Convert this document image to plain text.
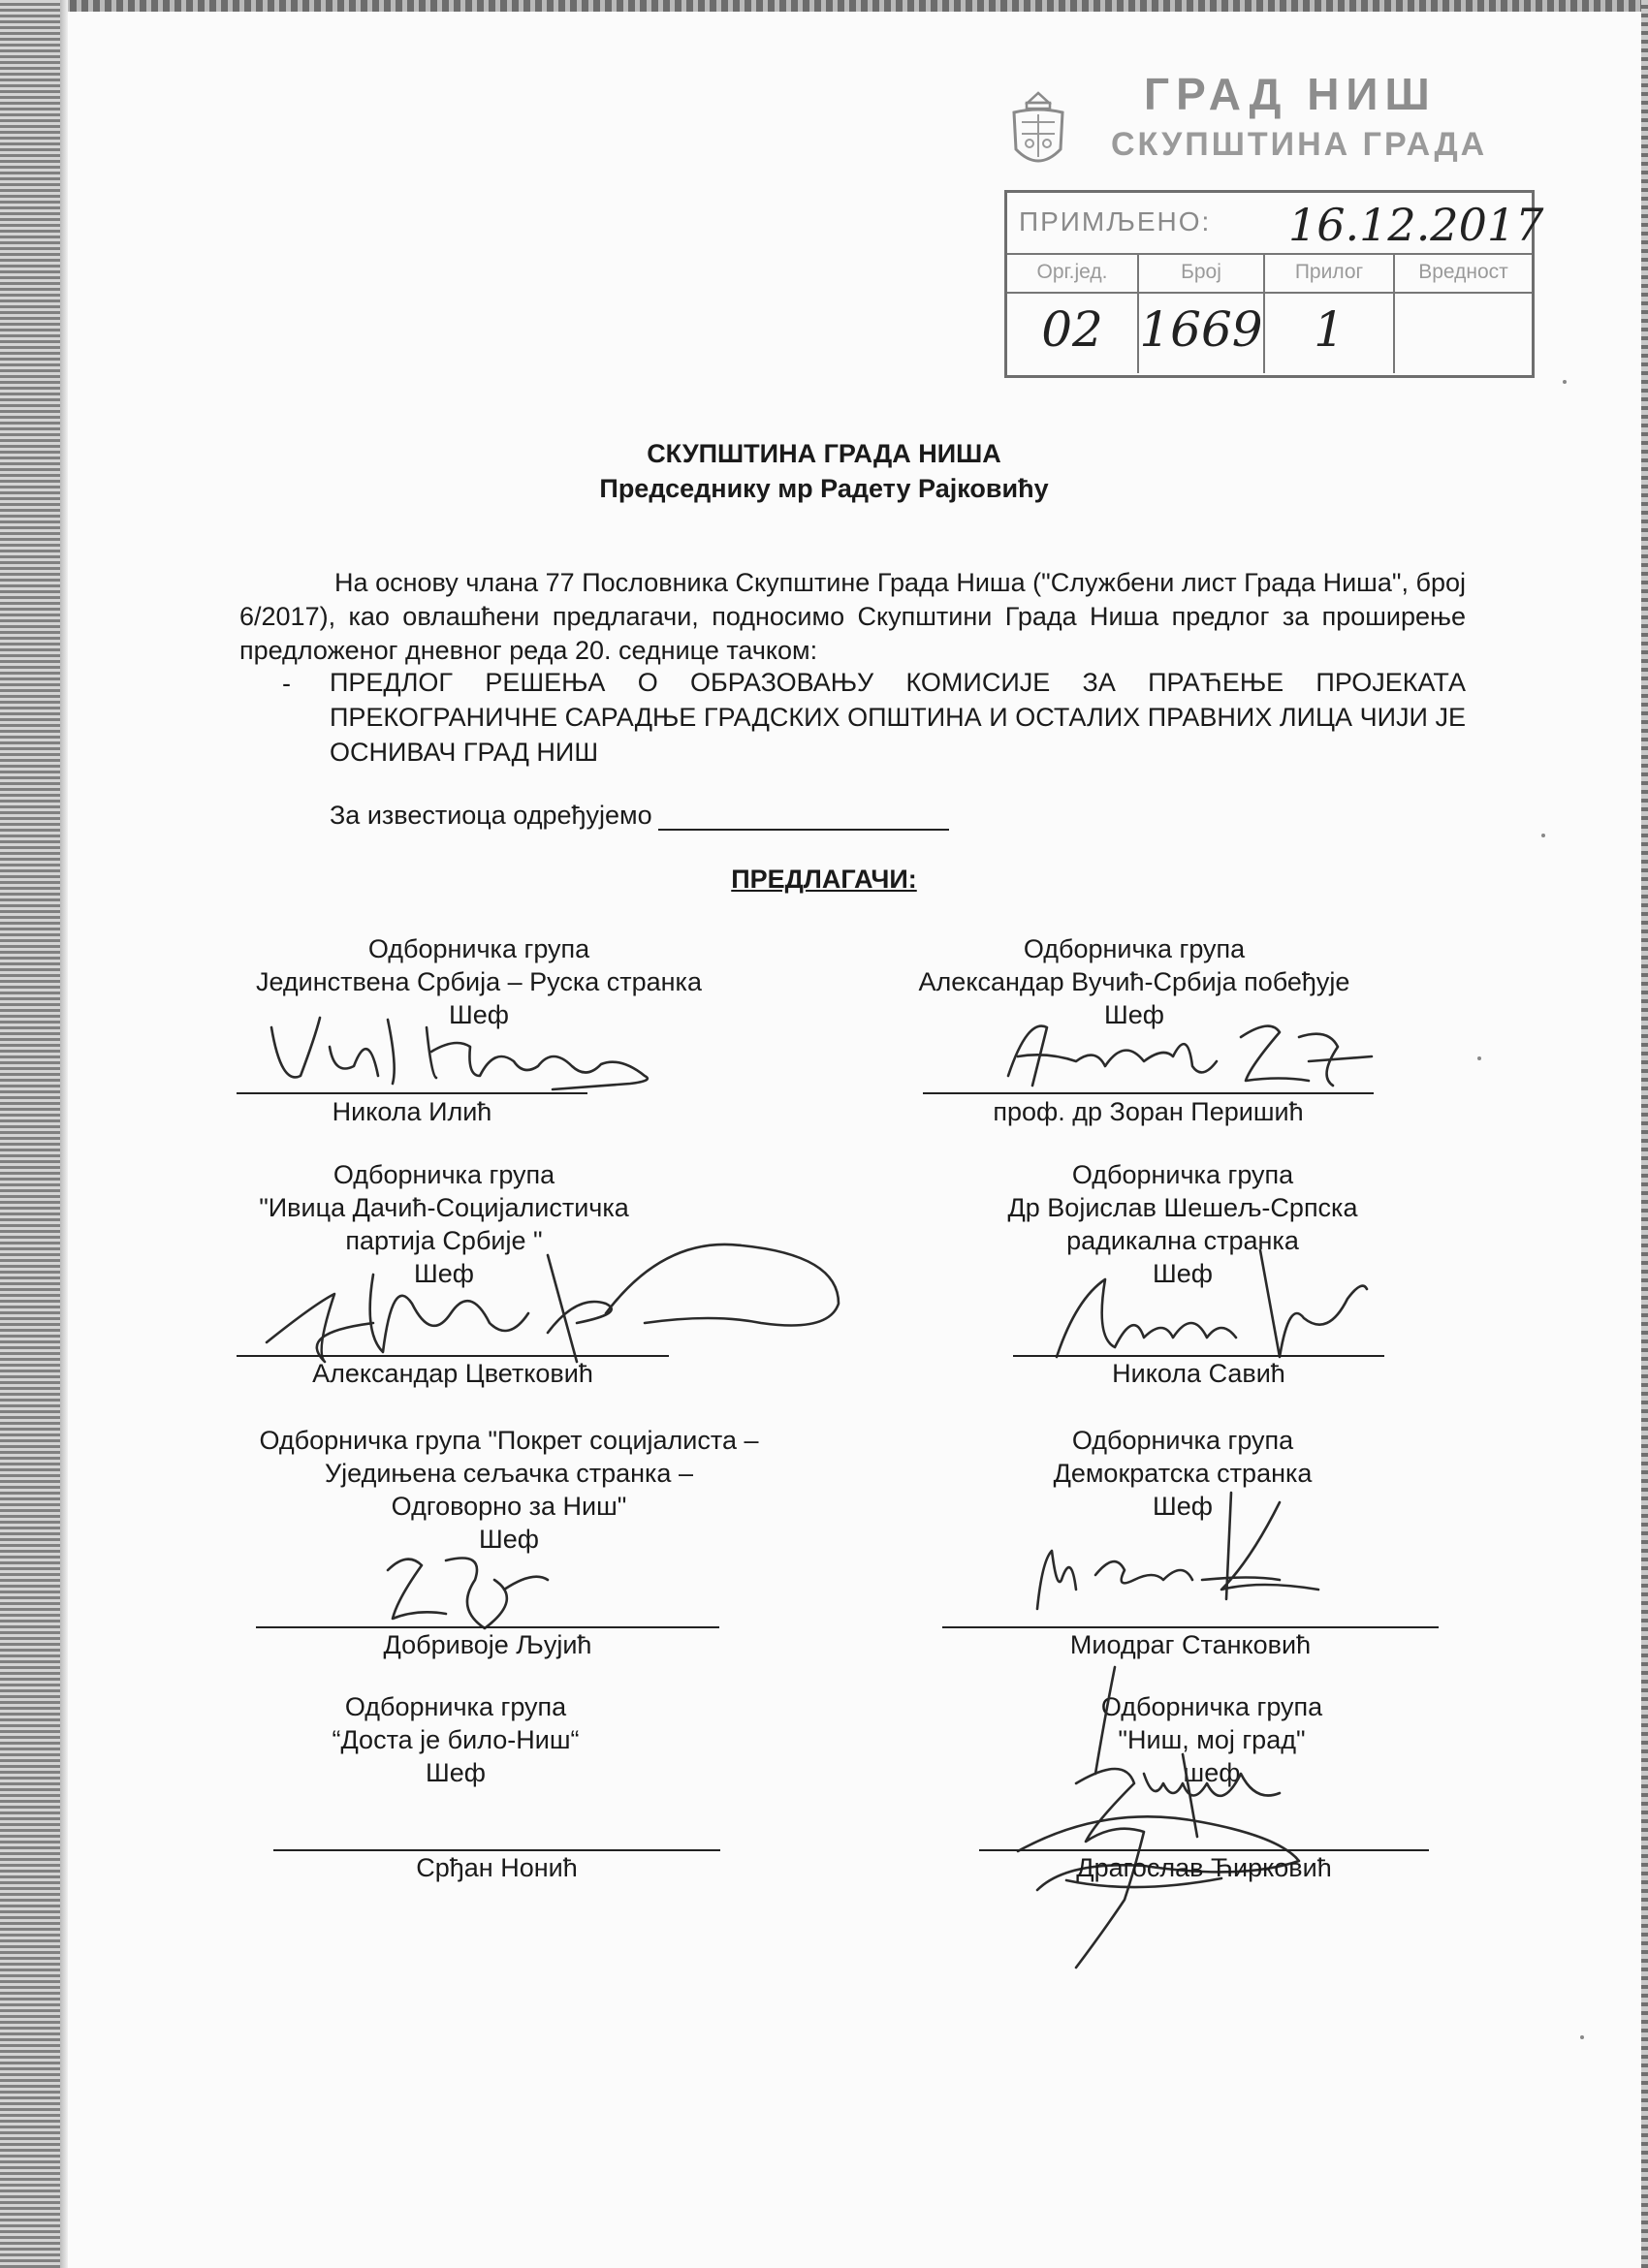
ГРАД НИШ
СКУПШТИНА ГРАДА
ПРИМЉЕНО: 16.12.2017
Орг.јед.
02
Број
1669
Прилог
1
Вредност
СКУПШТИНА ГРАДА НИША
Председнику мр Радету Рајковићу
На основу члана 77 Пословника Скупштине Града Ниша ("Службени лист Града Ниша", број 6/2017), као овлашћени предлагачи, подносимо Скупштини Града Ниша предлог за проширење предложеног дневног реда 20. седнице тачком:
- ПРЕДЛОГ РЕШЕЊА О ОБРАЗОВАЊУ КОМИСИЈЕ ЗА ПРАЋЕЊЕ ПРОЈЕКАТА ПРЕКОГРАНИЧНЕ САРАДЊЕ ГРАДСКИХ ОПШТИНА И ОСТАЛИХ ПРАВНИХ ЛИЦА ЧИЈИ ЈЕ ОСНИВАЧ ГРАД НИШ
За известиоца одређујемо
ПРЕДЛАГАЧИ:
Одборничка група
Јединствена Србија – Руска странка
Шеф
Никола Илић
Одборничка група
Александар Вучић-Србија побеђује
Шеф
проф. др Зоран Перишић
Одборничка група
"Ивица Дачић-Социјалистичка
партија Србије "
Шеф
Александар Цветковић
Одборничка група
Др Војислав Шешељ-Српска
радикална странка
Шеф
Никола Савић
Одборничка група "Покрет социјалиста –
Уједињена сељачка странка –
Одговорно за Ниш"
Шеф
Добривоје Љујић
Одборничка група
Демократска странка
Шеф
Миодраг Станковић
Одборничка група
“Доста је било-Ниш“
Шеф
Срђан Нонић
Одборничка група
"Ниш, мој град"
шеф
Драгослав Ћирковић
